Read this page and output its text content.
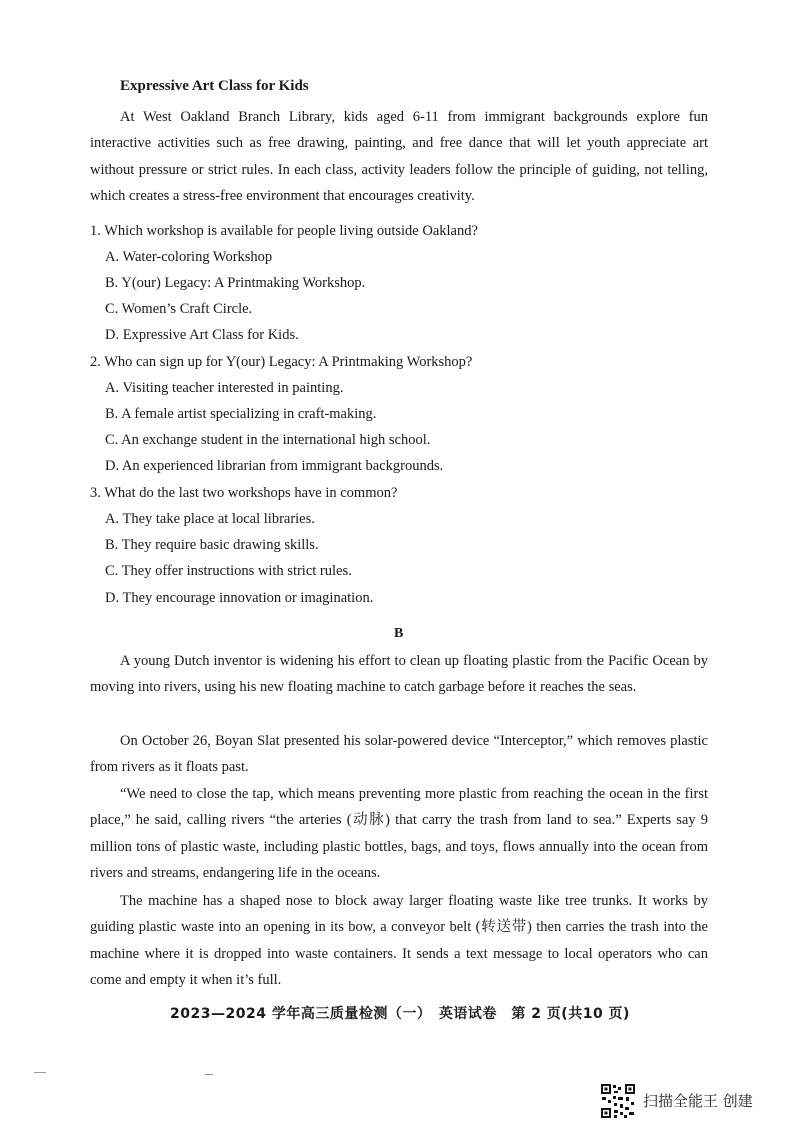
Expressive Art Class for Kids

At West Oakland Branch Library, kids aged 6-11 from immigrant backgrounds explore fun interactive activities such as free drawing, painting, and free dance that will let youth appreciate art without pressure or strict rules. In each class, activity leaders follow the principle of guiding, not telling, which creates a stress-free environment that encourages creativity.

1. Which workshop is available for people living outside Oakland?

A. Water-coloring Workshop

B. Y(our) Legacy: A Printmaking Workshop.

C. Women’s Craft Circle.

D. Expressive Art Class for Kids.

2. Who can sign up for Y(our) Legacy: A Printmaking Workshop?

A. Visiting teacher interested in painting.

B. A female artist specializing in craft-making.

C. An exchange student in the international high school.

D. An experienced librarian from immigrant backgrounds.

3. What do the last two workshops have in common?

A. They take place at local libraries.

B. They require basic drawing skills.

C. They offer instructions with strict rules.

D. They encourage innovation or imagination.

B

A young Dutch inventor is widening his effort to clean up floating plastic from the Pacific Ocean by moving into rivers, using his new floating machine to catch garbage before it reaches the seas.

On October 26, Boyan Slat presented his solar-powered device “Interceptor,” which removes plastic from rivers as it floats past.

“We need to close the tap, which means preventing more plastic from reaching the ocean in the first place,” he said, calling rivers “the arteries (动脉) that carry the trash from land to sea.” Experts say 9 million tons of plastic waste, including plastic bottles, bags, and toys, flows annually into the ocean from rivers and streams, endangering life in the oceans.

The machine has a shaped nose to block away larger floating waste like tree trunks. It works by guiding plastic waste into an opening in its bow, a conveyor belt (转送带) then carries the trash into the machine where it is dropped into waste containers. It sends a text message to local operators who can come and empty it when it’s full.

2023—2024 学年高三质量检测（一）　英语试卷　第 2 页(共10 页)
扫描全能王 创建
